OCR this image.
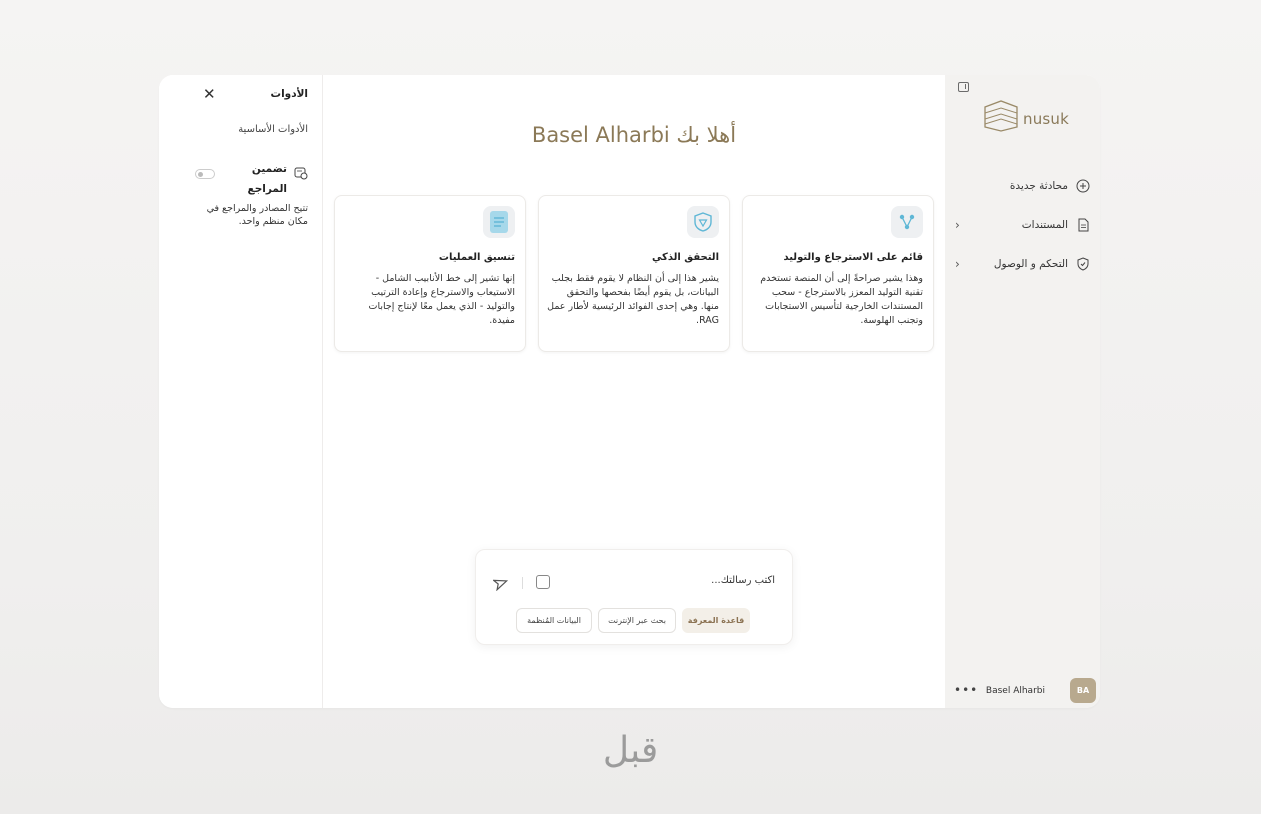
الأدوات
✕
الأدوات الأساسية
تضمين المراجع
تتيح المصادر والمراجع في مكان منظم واحد.
أهلا بك Basel Alharbi
قائم على الاسترجاع والتوليد
وهذا يشير صراحةً إلى أن المنصة تستخدم تقنية التوليد المعزز بالاسترجاع - سحب المستندات الخارجية لتأسيس الاستجابات وتجنب الهلوسة.
التحقق الذكي
يشير هذا إلى أن النظام لا يقوم فقط بجلب البيانات، بل يقوم أيضًا بفحصها والتحقق منها. وهي إحدى الفوائد الرئيسية لأطار عمل RAG.
تنسيق العمليات
إنها تشير إلى خط الأنابيب الشامل - الاستيعاب والاسترجاع وإعادة الترتيب والتوليد - الذي يعمل معًا لإنتاج إجابات مفيدة.
اكتب رسالتك...
قاعدة المعرفة
بحث عبر الإنترنت
البيانات المُنظمة
nusuk
محادثة جديدة
المستندات
‹
التحكم و الوصول
‹
BA
Basel Alharbi
•••
قبل
